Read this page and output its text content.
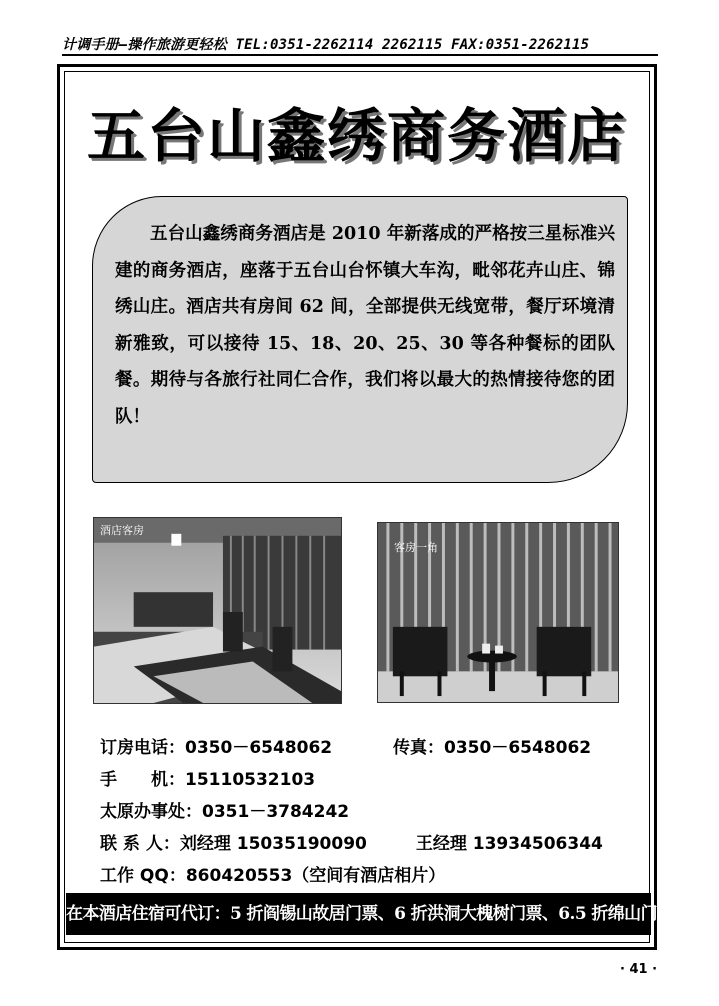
计调手册—操作旅游更轻松 TEL:0351-2262114 2262115 FAX:0351-2262115
五台山鑫绣商务酒店
五台山鑫绣商务酒店是 2010 年新落成的严格按三星标准兴建的商务酒店，座落于五台山台怀镇大车沟，毗邻花卉山庄、锦绣山庄。酒店共有房间 62 间，全部提供无线宽带，餐厅环境清新雅致，可以接待 15、18、20、25、30 等各种餐标的团队餐。期待与各旅行社同仁合作，我们将以最大的热情接待您的团队！
酒店客房
客房一角
订房电话：0350－6548062	传真：0350－6548062
手　　机：15110532103
太原办事处：0351－3784242
联 系 人：刘经理 15035190090	王经理 13934506344
工作 QQ：860420553（空间有酒店相片）
在本酒店住宿可代订：5 折阎锡山故居门票、6 折洪洞大槐树门票、6.5 折绵山门票！
· 41 ·
